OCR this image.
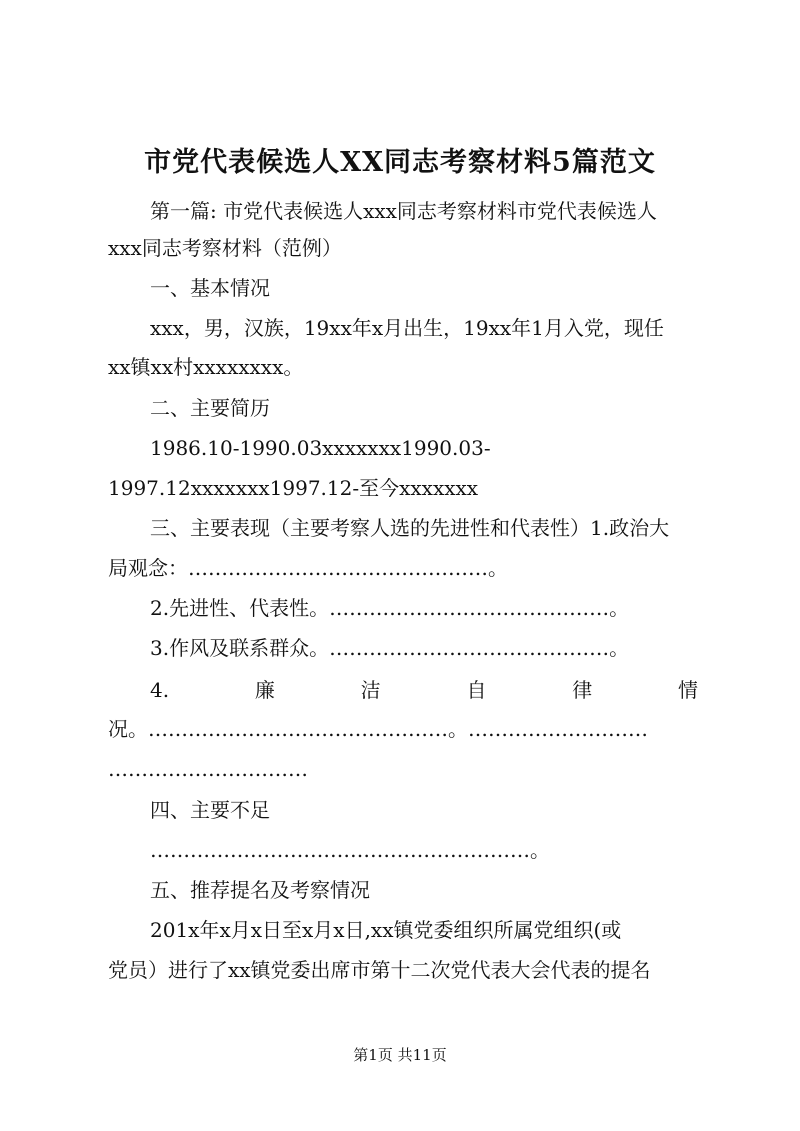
市党代表候选人XX同志考察材料5篇范文
第一篇: 市党代表候选人xxx同志考察材料市党代表候选人
xxx同志考察材料（范例）
一、基本情况
xxx，男，汉族，19xx年x月出生，19xx年1月入党，现任
xx镇xx村xxxxxxxx。
二、主要简历
1986.10-1990.03xxxxxxx1990.03-
1997.12xxxxxxx1997.12-至今xxxxxxx
三、主要表现（主要考察人选的先进性和代表性）1.政治大
局观念：………………………………………。
2.先进性、代表性。……………………………………。
3.作风及联系群众。……………………………………。
4.	廉	洁	自	律	情
况。………………………………………。………………………
…………………………
四、主要不足
…………………………………………………。
五、推荐提名及考察情况
201x年x月x日至x月x日,xx镇党委组织所属党组织(或
党员）进行了xx镇党委出席市第十二次党代表大会代表的提名
第1页 共11页
